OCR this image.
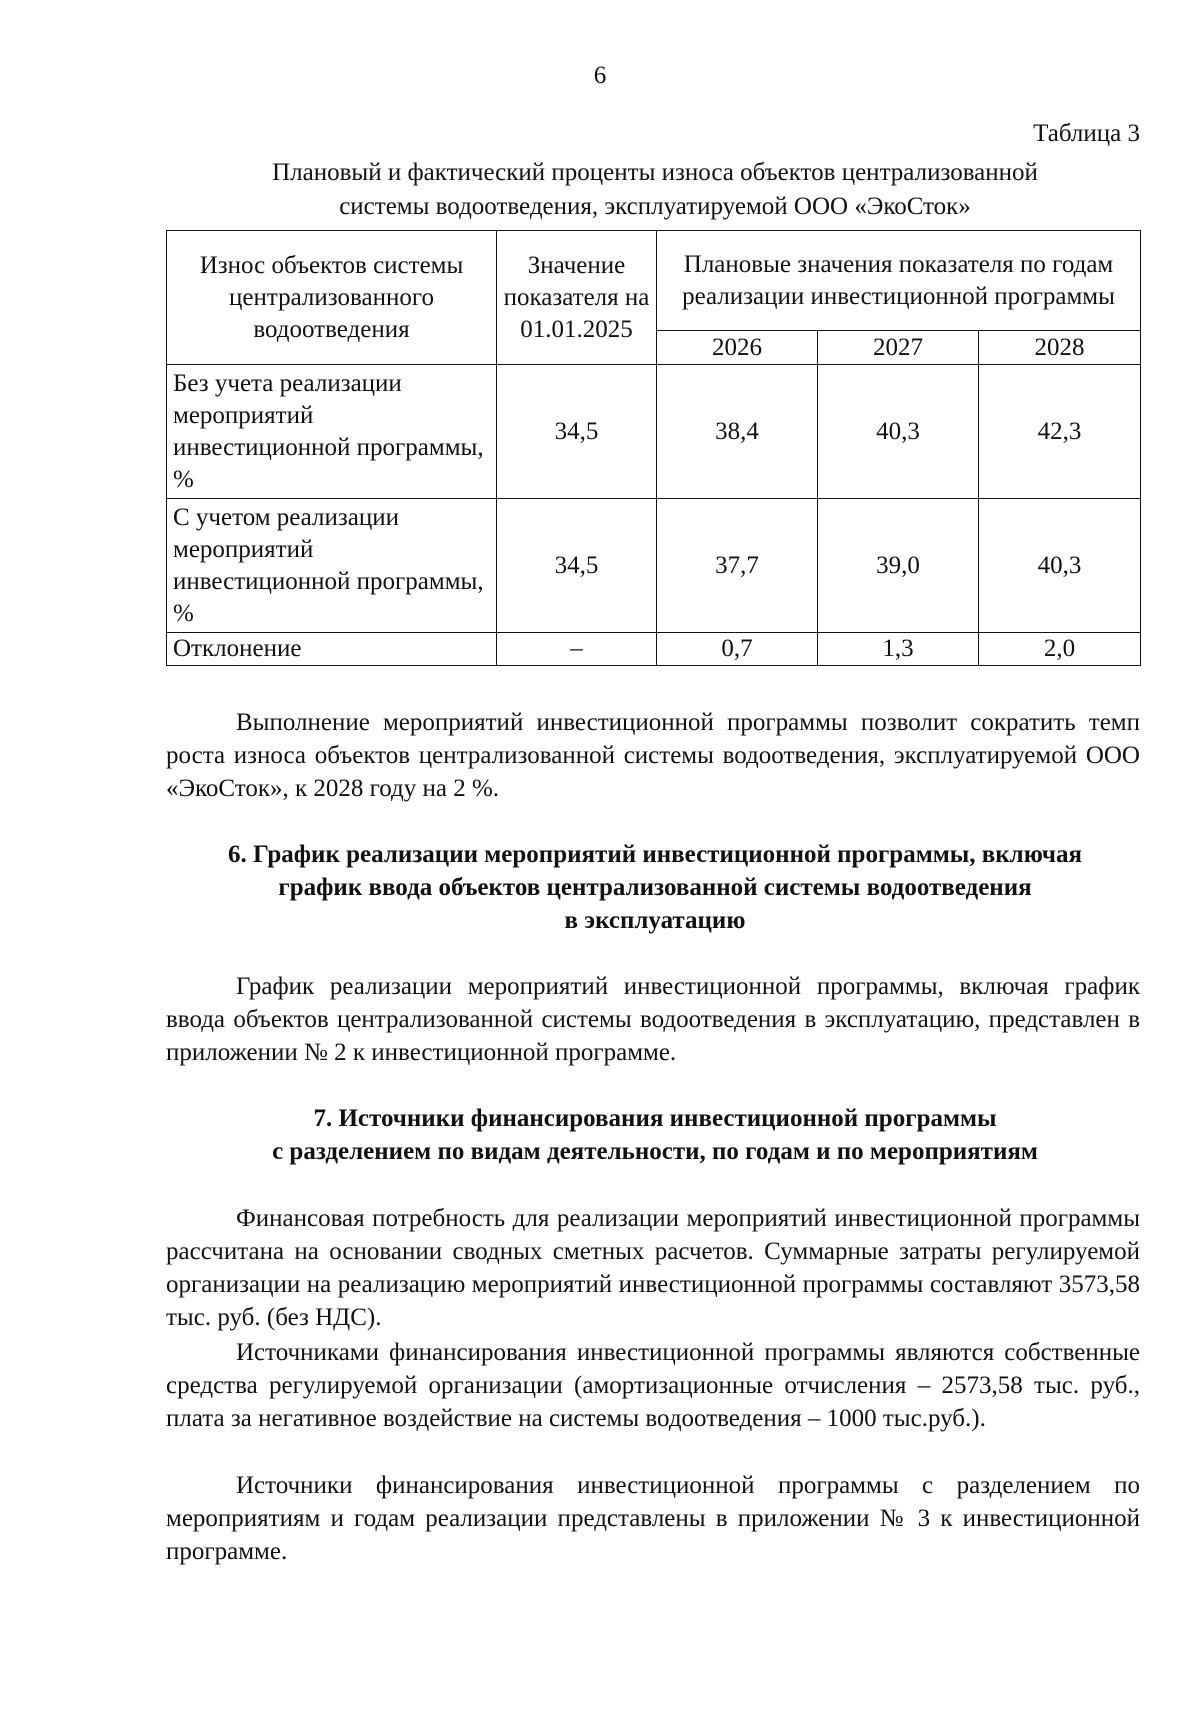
6
Таблица 3
Плановый и фактический проценты износа объектов централизованной
системы водоотведения, эксплуатируемой ООО «ЭкоСток»
Износ объектов системы централизованного водоотведения	Значение показателя на 01.01.2025	Плановые значения показателя по годам реализации инвестиционной программы		
		2026	2027	2028
Без учета реализации мероприятий инвестиционной программы, %	34,5	38,4	40,3	42,3
С учетом реализации мероприятий инвестиционной программы, %	34,5	37,7	39,0	40,3
Отклонение	–	0,7	1,3	2,0

Выполнение мероприятий инвестиционной программы позволит сократить темп роста износа объектов централизованной системы водоотведения, эксплуатируемой ООО «ЭкоСток», к 2028 году на 2 %.

6. График реализации мероприятий инвестиционной программы, включая
график ввода объектов централизованной системы водоотведения
в эксплуатацию

График реализации мероприятий инвестиционной программы, включая график ввода объектов централизованной системы водоотведения в эксплуатацию, представлен в приложении № 2 к инвестиционной программе.

7. Источники финансирования инвестиционной программы
с разделением по видам деятельности, по годам и по мероприятиям

Финансовая потребность для реализации мероприятий инвестиционной программы рассчитана на основании сводных сметных расчетов. Суммарные затраты регулируемой организации на реализацию мероприятий инвестиционной программы составляют 3573,58 тыс. руб. (без НДС).

Источниками финансирования инвестиционной программы являются собственные средства регулируемой организации (амортизационные отчисления – 2573,58 тыс. руб., плата за негативное воздействие на системы водоотведения – 1000 тыс.руб.).

Источники финансирования инвестиционной программы с разделением по мероприятиям и годам реализации представлены в приложении № 3 к инвестиционной программе.
